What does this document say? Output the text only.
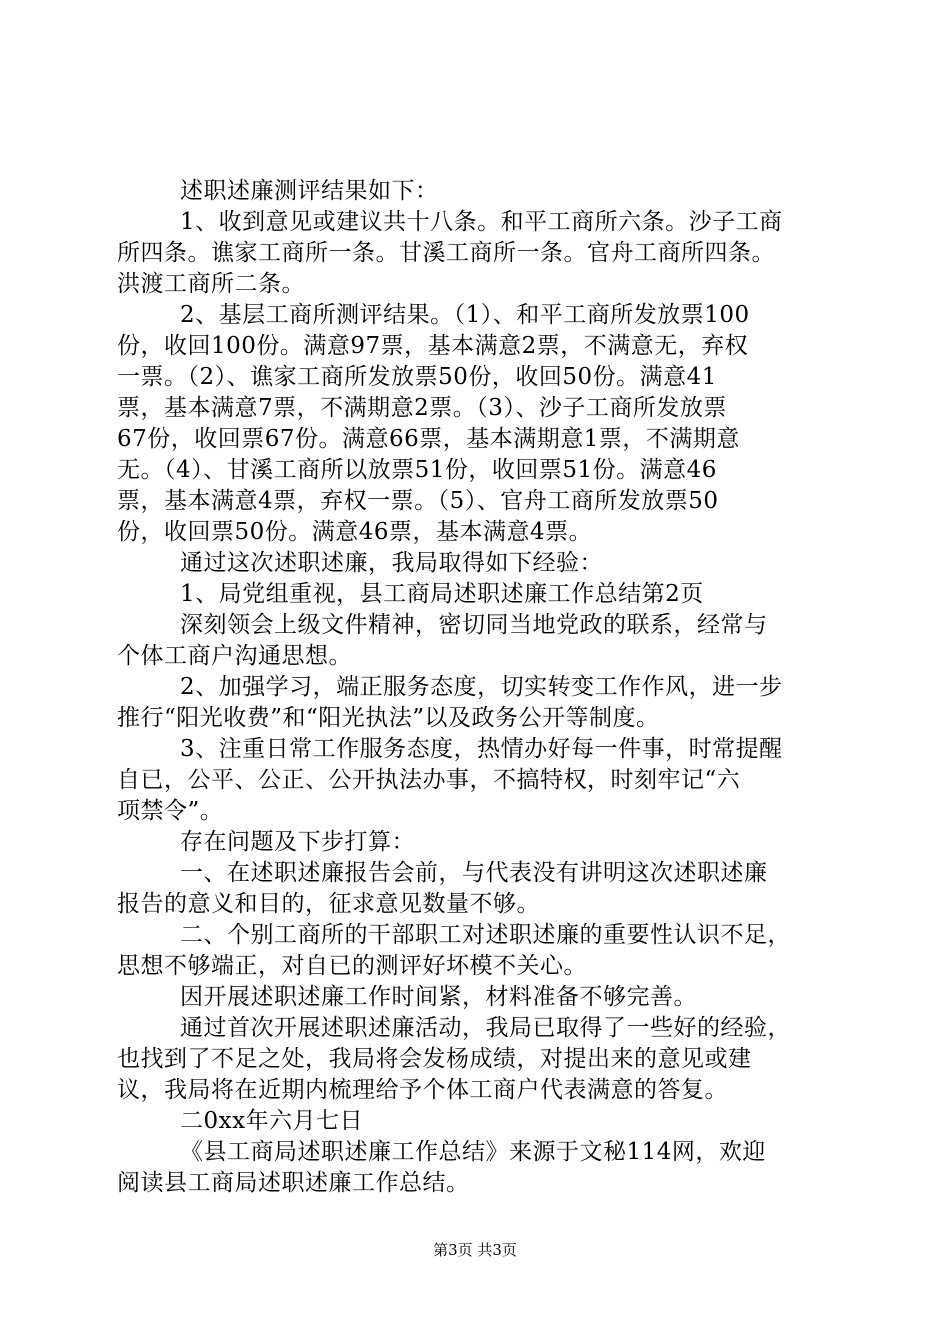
述职述廉测评结果如下：
1、收到意见或建议共十八条。和平工商所六条。沙子工商
所四条。谯家工商所一条。甘溪工商所一条。官舟工商所四条。
洪渡工商所二条。
2、基层工商所测评结果。（1）、和平工商所发放票100
份，收回100份。满意97票，基本满意2票，不满意无，弃权
一票。（2）、谯家工商所发放票50份，收回50份。满意41
票，基本满意7票，不满期意2票。（3）、沙子工商所发放票
67份，收回票67份。满意66票，基本满期意1票，不满期意
无。（4）、甘溪工商所以放票51份，收回票51份。满意46
票，基本满意4票，弃权一票。（5）、官舟工商所发放票50
份，收回票50份。满意46票，基本满意4票。
通过这次述职述廉，我局取得如下经验：
1、局党组重视，县工商局述职述廉工作总结第2页
深刻领会上级文件精神，密切同当地党政的联系，经常与
个体工商户沟通思想。
2、加强学习，端正服务态度，切实转变工作作风，进一步
推行“阳光收费”和“阳光执法”以及政务公开等制度。
3、注重日常工作服务态度，热情办好每一件事，时常提醒
自已，公平、公正、公开执法办事，不搞特权，时刻牢记“六
项禁令”。
存在问题及下步打算：
一、在述职述廉报告会前，与代表没有讲明这次述职述廉
报告的意义和目的，征求意见数量不够。
二、个别工商所的干部职工对述职述廉的重要性认识不足，
思想不够端正，对自已的测评好坏模不关心。
因开展述职述廉工作时间紧，材料准备不够完善。
通过首次开展述职述廉活动，我局已取得了一些好的经验，
也找到了不足之处，我局将会发杨成绩，对提出来的意见或建
议，我局将在近期内梳理给予个体工商户代表满意的答复。
二0xx年六月七日
《县工商局述职述廉工作总结》来源于文秘114网，欢迎
阅读县工商局述职述廉工作总结。
第3页 共3页
